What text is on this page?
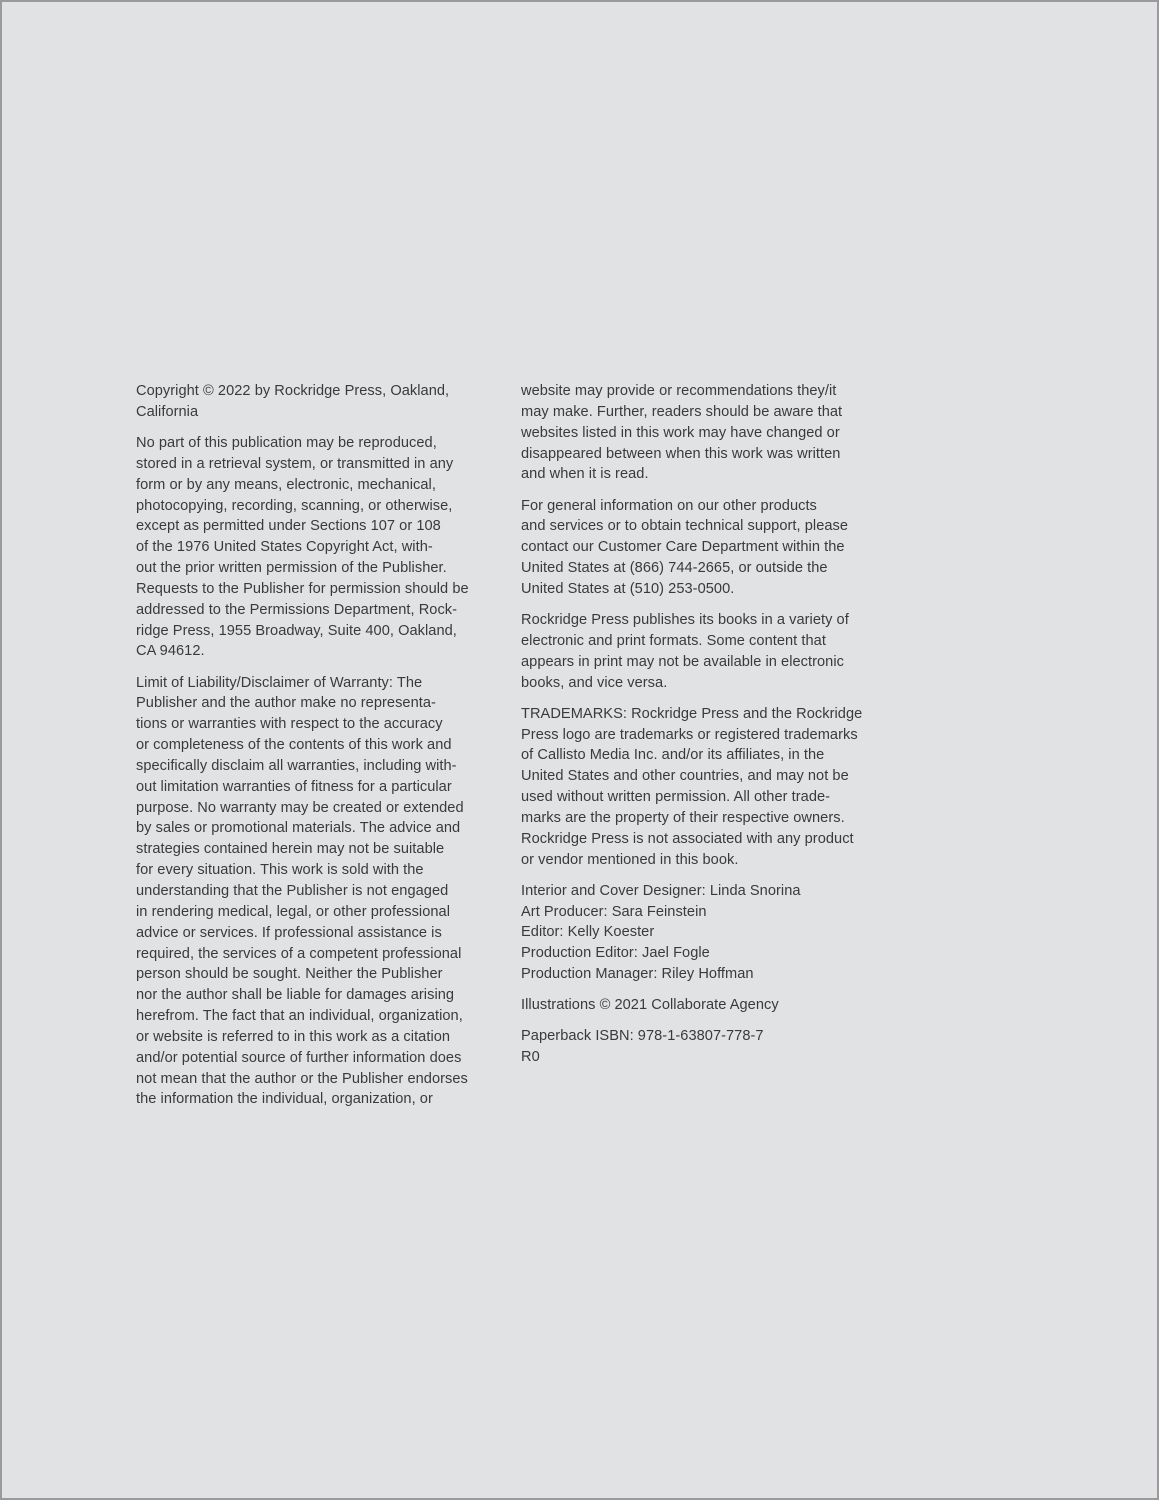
Copyright © 2022 by Rockridge Press, Oakland,
California

No part of this publication may be reproduced,
stored in a retrieval system, or transmitted in any
form or by any means, electronic, mechanical,
photocopying, recording, scanning, or otherwise,
except as permitted under Sections 107 or 108
of the 1976 United States Copyright Act, with-
out the prior written permission of the Publisher.
Requests to the Publisher for permission should be
addressed to the Permissions Department, Rock-
ridge Press, 1955 Broadway, Suite 400, Oakland,
CA 94612.

Limit of Liability/Disclaimer of Warranty: The
Publisher and the author make no representa-
tions or warranties with respect to the accuracy
or completeness of the contents of this work and
specifically disclaim all warranties, including with-
out limitation warranties of fitness for a particular
purpose. No warranty may be created or extended
by sales or promotional materials. The advice and
strategies contained herein may not be suitable
for every situation. This work is sold with the
understanding that the Publisher is not engaged
in rendering medical, legal, or other professional
advice or services. If professional assistance is
required, the services of a competent professional
person should be sought. Neither the Publisher
nor the author shall be liable for damages arising
herefrom. The fact that an individual, organization,
or website is referred to in this work as a citation
and/or potential source of further information does
not mean that the author or the Publisher endorses
the information the individual, organization, or

website may provide or recommendations they/it
may make. Further, readers should be aware that
websites listed in this work may have changed or
disappeared between when this work was written
and when it is read.

For general information on our other products
and services or to obtain technical support, please
contact our Customer Care Department within the
United States at (866) 744-2665, or outside the
United States at (510) 253-0500.

Rockridge Press publishes its books in a variety of
electronic and print formats. Some content that
appears in print may not be available in electronic
books, and vice versa.

TRADEMARKS: Rockridge Press and the Rockridge
Press logo are trademarks or registered trademarks
of Callisto Media Inc. and/or its affiliates, in the
United States and other countries, and may not be
used without written permission. All other trade-
marks are the property of their respective owners.
Rockridge Press is not associated with any product
or vendor mentioned in this book.

Interior and Cover Designer: Linda Snorina
Art Producer: Sara Feinstein
Editor: Kelly Koester
Production Editor: Jael Fogle
Production Manager: Riley Hoffman

Illustrations © 2021 Collaborate Agency

Paperback ISBN: 978-1-63807-778-7
R0
